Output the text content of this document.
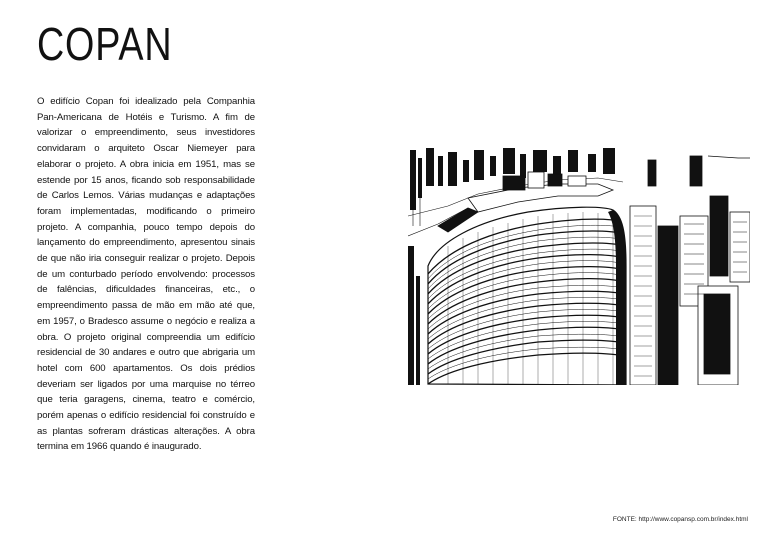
COPAN
O edifício Copan foi idealizado pela Companhia Pan-Americana de Hotéis e Turismo. A fim de valorizar o empreendimento, seus investidores convidaram o arquiteto Oscar Niemeyer para elaborar o projeto. A obra inicia em 1951, mas se estende por 15 anos, ficando sob responsabilidade de Carlos Lemos. Várias mudanças e adaptações foram implementadas, modificando o primeiro projeto. A companhia, pouco tempo depois do lançamento do empreendimento, apresentou sinais de que não iria conseguir realizar o projeto. Depois de um conturbado período envolvendo: processos de falências, dificuldades financeiras, etc., o empreendimento passa de mão em mão até que, em 1957, o Bradesco assume o negócio e realiza a obra. O projeto original compreendia um edifício residencial de 30 andares e outro que abrigaria um hotel com 600 apartamentos. Os dois prédios deveriam ser ligados por uma marquise no térreo que teria garagens, cinema, teatro e comércio, porém apenas o edifício residencial foi construído e as plantas sofreram drásticas alterações. A obra termina em 1966 quando é inaugurado.
FONTE: http://www.copansp.com.br/index.html
